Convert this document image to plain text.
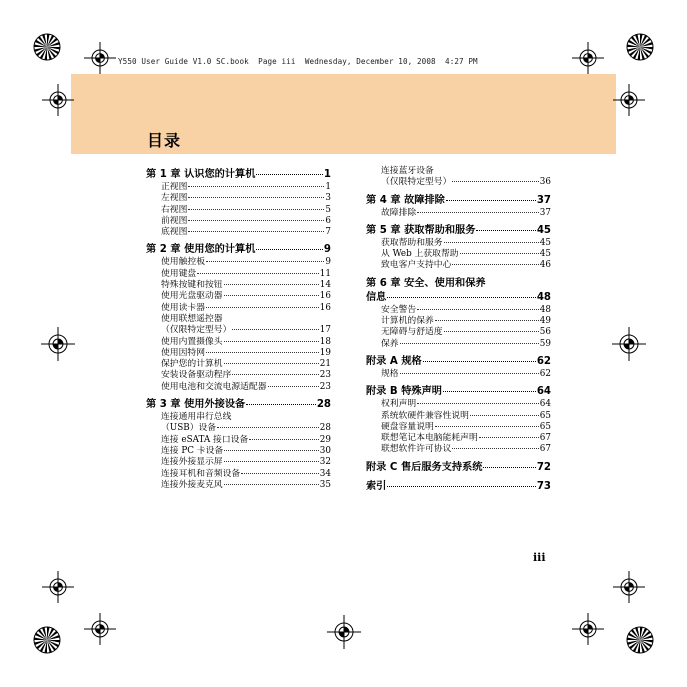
Y550 User Guide V1.0 SC.book  Page iii  Wednesday, December 10, 2008  4:27 PM
目录
第 1 章 认识您的计算机	1
正视图	1
左视图	3
右视图	5
前视图	6
底视图	7
第 2 章 使用您的计算机	9
使用触控板	9
使用键盘	11
特殊按键和按钮	14
使用光盘驱动器	16
使用读卡器	16
使用联想遥控器
（仅限特定型号）	17
使用内置摄像头	18
使用因特网	19
保护您的计算机	21
安装设备驱动程序	23
使用电池和交流电源适配器	23
第 3 章 使用外接设备	28
连接通用串行总线
（USB）设备	28
连接 eSATA 接口设备	29
连接 PC 卡设备	30
连接外接显示屏	32
连接耳机和音频设备	34
连接外接麦克风	35
连接蓝牙设备
（仅限特定型号）	36
第 4 章 故障排除	37
故障排除	37
第 5 章 获取帮助和服务	45
获取帮助和服务	45
从 Web 上获取帮助	45
致电客户支持中心	46
第 6 章 安全、使用和保养
信息	48
安全警告	48
计算机的保养	49
无障碍与舒适度	56
保养	59
附录 A 规格	62
规格	62
附录 B 特殊声明	64
权利声明	64
系统软硬件兼容性说明	65
硬盘容量说明	65
联想笔记本电脑能耗声明	67
联想软件许可协议	67
附录 C 售后服务支持系统	72
索引	73
iii
